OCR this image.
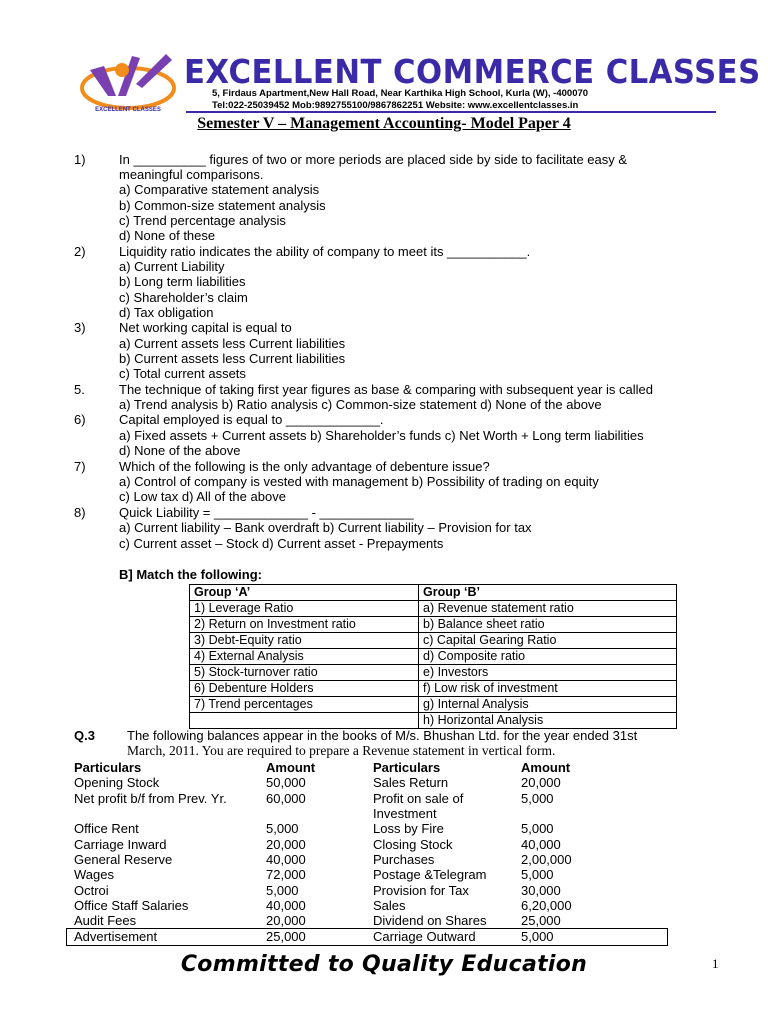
EXCELLENT CLASSES
EXCELLENT COMMERCE CLASSES
5, Firdaus Apartment,New Hall Road, Near Karthika High School, Kurla (W), -400070
Tel:022-25039452 Mob:9892755100/9867862251 Website: www.excellentclasses.in
Semester V – Management Accounting- Model Paper 4
1)	In __________ figures of two or more periods are placed side by side to facilitate easy &
meaningful comparisons.
a) Comparative statement analysis
b) Common-size statement analysis
c) Trend percentage analysis
d) None of these
2)	Liquidity ratio indicates the ability of company to meet its ___________.
a) Current Liability
b) Long term liabilities
c) Shareholder’s claim
d) Tax obligation
3)	Net working capital is equal to
a) Current assets less Current liabilities
b) Current assets less Current liabilities
c) Total current assets
5.	The technique of taking first year figures as base & comparing with subsequent year is called
a) Trend analysis b) Ratio analysis c) Common-size statement d) None of the above
6)	Capital employed is equal to _____________.
a) Fixed assets + Current assets b) Shareholder’s funds c) Net Worth + Long term liabilities
d) None of the above
7)	Which of the following is the only advantage of debenture issue?
a) Control of company is vested with management b) Possibility of trading on equity
c) Low tax d) All of the above
8)	Quick Liability = _____________ - _____________
a) Current liability – Bank overdraft b) Current liability – Provision for tax
c) Current asset – Stock d) Current asset - Prepayments
B] Match the following:
Group ‘A’	Group ‘B’
1) Leverage Ratio	a) Revenue statement ratio
2) Return on Investment ratio	b) Balance sheet ratio
3) Debt-Equity ratio	c) Capital Gearing Ratio
4) External Analysis	d) Composite ratio
5) Stock-turnover ratio	e) Investors
6) Debenture Holders	f) Low risk of investment
7) Trend percentages	g) Internal Analysis
	h) Horizontal Analysis
Q.3 The following balances appear in the books of M/s. Bhushan Ltd. for the year ended 31st
March, 2011. You are required to prepare a Revenue statement in vertical form.
Particulars	Amount	Particulars	Amount
Opening Stock	50,000	Sales Return	20,000
Net profit b/f from Prev. Yr.	60,000	Profit on sale of	5,000
Investment
Office Rent	5,000	Loss by Fire	5,000
Carriage Inward	20,000	Closing Stock	40,000
General Reserve	40,000	Purchases	2,00,000
Wages	72,000	Postage &Telegram	5,000
Octroi	5,000	Provision for Tax	30,000
Office Staff Salaries	40,000	Sales	6,20,000
Audit Fees	20,000	Dividend on Shares	25,000
Advertisement	25,000	Carriage Outward	5,000
Committed to Quality Education	1
